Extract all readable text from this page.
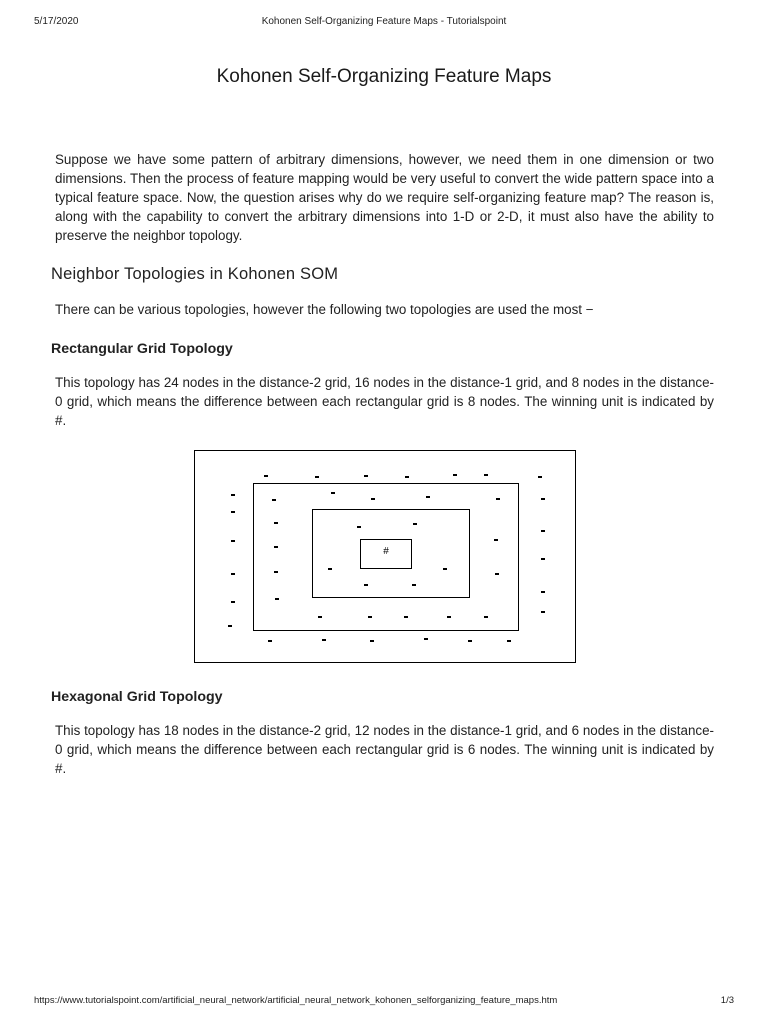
5/17/2020	Kohonen Self-Organizing Feature Maps - Tutorialspoint
Kohonen Self-Organizing Feature Maps

Suppose we have some pattern of arbitrary dimensions, however, we need them in one dimension or two dimensions. Then the process of feature mapping would be very useful to convert the wide pattern space into a typical feature space. Now, the question arises why do we require self-organizing feature map? The reason is, along with the capability to convert the arbitrary dimensions into 1-D or 2-D, it must also have the ability to preserve the neighbor topology.

Neighbor Topologies in Kohonen SOM

There can be various topologies, however the following two topologies are used the most −

Rectangular Grid Topology

This topology has 24 nodes in the distance-2 grid, 16 nodes in the distance-1 grid, and 8 nodes in the distance-0 grid, which means the difference between each rectangular grid is 8 nodes. The winning unit is indicated by #.

#
Hexagonal Grid Topology

This topology has 18 nodes in the distance-2 grid, 12 nodes in the distance-1 grid, and 6 nodes in the distance-0 grid, which means the difference between each rectangular grid is 6 nodes. The winning unit is indicated by #.

https://www.tutorialspoint.com/artificial_neural_network/artificial_neural_network_kohonen_selforganizing_feature_maps.htm	1/3
